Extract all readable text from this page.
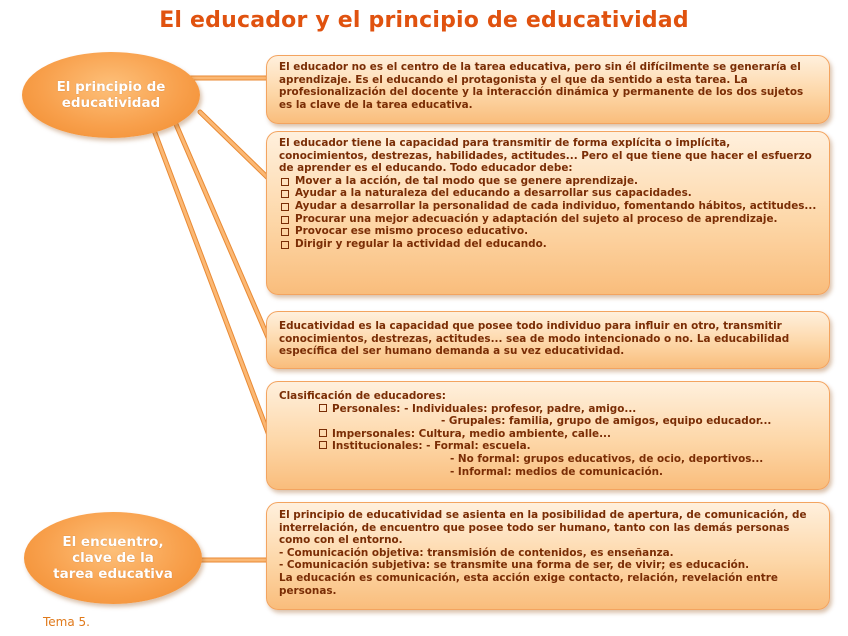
El educador y el principio de educatividad
El principio de
educatividad
El encuentro,
clave de la
tarea educativa

El educador no es el centro de la tarea educativa, pero sin él difícilmente se generaría el aprendizaje. Es el educando el protagonista y el que da sentido a esta tarea. La profesionalización del docente y la interacción dinámica y permanente de los dos sujetos es la clave de la tarea educativa.

El educador tiene la capacidad para transmitir de forma explícita o implícita, conocimientos, destrezas, habilidades, actitudes... Pero el que tiene que hacer el esfuerzo de aprender es el educando. Todo educador debe:

Mover a la acción, de tal modo que se genere aprendizaje.
Ayudar a la naturaleza del educando a desarrollar sus capacidades.
Ayudar a desarrollar la personalidad de cada individuo, fomentando hábitos, actitudes...
Procurar una mejor adecuación y adaptación del sujeto al proceso de aprendizaje.
Provocar ese mismo proceso educativo.
Dirigir y regular la actividad del educando.

Educatividad es la capacidad que posee todo individuo para influir en otro, transmitir conocimientos, destrezas, actitudes... sea de modo intencionado o no. La educabilidad específica del ser humano demanda a su vez educatividad.

Clasificación de educadores:

Personales: - Individuales: profesor, padre, amigo...

- Grupales: familia, grupo de amigos, equipo educador...

Impersonales: Cultura, medio ambiente, calle...

Institucionales: - Formal: escuela.

- No formal: grupos educativos, de ocio, deportivos...

- Informal: medios de comunicación.

El principio de educatividad se asienta en la posibilidad de apertura, de comunicación, de interrelación, de encuentro que posee todo ser humano, tanto con las demás personas como con el entorno.

- Comunicación objetiva: transmisión de contenidos, es enseñanza.

- Comunicación subjetiva: se transmite una forma de ser, de vivir; es educación.

La educación es comunicación, esta acción exige contacto, relación, revelación entre personas.

Tema 5.
